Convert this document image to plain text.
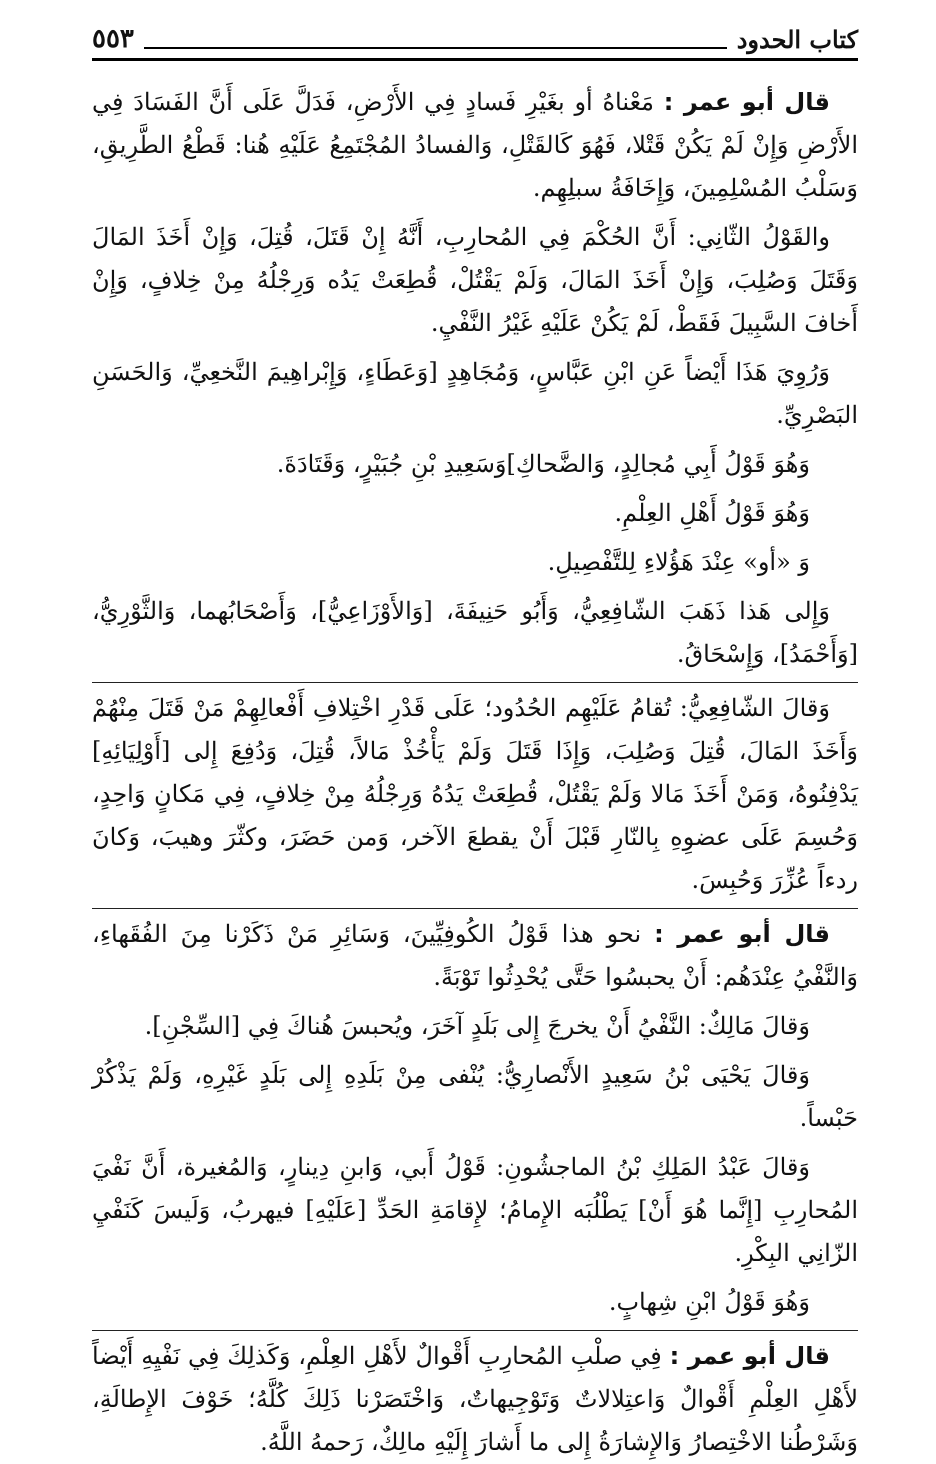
كتاب الحدود
٥٥٣

قال أبو عمر : مَعْناهُ أو بغَيْرِ فَسادٍ فِي الأَرْضِ، فَدَلَّ عَلَى أَنَّ الفَسَادَ فِي الأَرْضِ وَإِنْ لَمْ يَكُنْ قَتْلا، فَهُوَ كَالقَتْلِ، وَالفسادُ المُجْتَمِعُ عَلَيْهِ هُنا: قَطْعُ الطَّرِيقِ، وَسَلْبُ المُسْلِمِينَ، وَإِخَافَةُ سبلِهِم.

والقَوْلُ الثّانِي: أَنَّ الحُكْمَ فِي المُحارِبِ، أَنَّهُ إِنْ قَتَلَ، قُتِلَ، وَإِنْ أَخَذَ المَالَ وَقَتَلَ وَصُلِبَ، وَإِنْ أَخَذَ المَالَ، وَلَمْ يَقْتُلْ، قُطِعَتْ يَدُه وَرِجْلُهُ مِنْ خِلافٍ، وَإِنْ أَخافَ السَّبِيلَ فَقَطْ، لَمْ يَكُنْ عَلَيْهِ غَيْرُ النَّفْيِ.

وَرُوِيَ هَذَا أَيْضاً عَنِ ابْنِ عَبَّاسٍ، وَمُجَاهِدٍ [وَعَطَاءٍ، وَإِبْراهِيمَ النَّخعِيِّ، وَالحَسَنِ البَصْرِيِّ.

وَهُوَ قَوْلُ أَبِي مُجالِدٍ، وَالضَّحاكِ]وَسَعِيدِ بْنِ جُبَيْرٍ، وَقَتَادَةَ.

وَهُوَ قَوْلُ أَهْلِ العِلْمِ.

وَ «أو» عِنْدَ هَؤُلاءِ لِلتَّفْصِيلِ.

وَإِلى هَذا ذَهَبَ الشّافِعِيُّ، وَأَبُو حَنِيفَةَ، [وَالأَوْزَاعِيُّ]، وَأَصْحَابُهما، وَالثَّوْرِيُّ، [وَأَحْمَدُ]، وَإِسْحَاقُ.

وَقالَ الشّافِعِيُّ: تُقامُ عَلَيْهِم الحُدُود؛ عَلَى قَدْرِ اخْتِلافِ أَفْعالِهِمْ مَنْ قَتَلَ مِنْهُمْ وَأَخَذَ المَالَ، قُتِلَ وَصُلِبَ، وَإِذَا قَتَلَ وَلَمْ يَأْخُذْ مَالاً، قُتِلَ، وَدُفِعَ إِلى [أَوْلِيَائِهِ] يَدْفِنُوهُ، وَمَنْ أَخَذَ مَالا وَلَمْ يَقْتُلْ، قُطِعَتْ يَدُهُ وَرِجْلُهُ مِنْ خِلافٍ، فِي مَكانٍ وَاحِدٍ، وَحُسِمَ عَلَى عضوِهِ بِالنّارِ قَبْلَ أَنْ يقطعَ الآخر، وَمن حَضَرَ، وكثّرَ وهيبَ، وَكانَ ردءاً عُزِّرَ وَحُبِسَ.

قال أبو عمر : نحو هذا قَوْلُ الكُوفِيِّينَ، وَسَائِرِ مَنْ ذَكَرْنا مِنَ الفُقَهاءِ، وَالنَّفْيُ عِنْدَهُم: أَنْ يحبسُوا حَتَّى يُحْدِثُوا تَوْبَةً.

وَقالَ مَالِكٌ: النَّفْيُ أَنْ يخرجَ إِلى بَلَدٍ آخَرَ، ويُحبسَ هُناكَ فِي [السِّجْنِ].

وَقالَ يَحْيَى بْنُ سَعِيدٍ الأَنْصارِيُّ: يُنْفى مِنْ بَلَدِهِ إِلى بَلَدٍ غَيْرِهِ، وَلَمْ يَذْكُرْ حَبْساً.

وَقالَ عَبْدُ المَلِكِ بْنُ الماجشُونِ: قَوْلُ أَبي، وَابنِ دِينارٍ، وَالمُغيرة، أَنَّ نَفْيَ المُحارِبِ [إِنَّما هُوَ أَنْ] يَطْلُبَه الإِمامُ؛ لإِقامَةِ الحَدِّ [عَلَيْهِ] فيهربُ، وَلَيسَ كَنَفْيِ الزّانِي البِكْرِ.

وَهُوَ قَوْلُ ابْنِ شِهابٍ.

قال أبو عمر : فِي صلْبِ المُحارِبِ أَقْوالٌ لأَهْلِ العِلْمِ، وَكَذلِكَ فِي نَفْيِهِ أَيْضاً لأَهْلِ العِلْمِ أَقْوالٌ وَاعتِلالاتٌ وَتَوْجِيهاتٌ، وَاخْتَصَرْنا ذَلِكَ كُلَّهُ؛ خَوْفَ الإِطالَةِ، وَشَرْطُنا الاخْتِصارُ وَالإِشارَةُ إِلى ما أَشارَ إِلَيْهِ مالِكٌ، رَحمهُ اللَّهُ.
